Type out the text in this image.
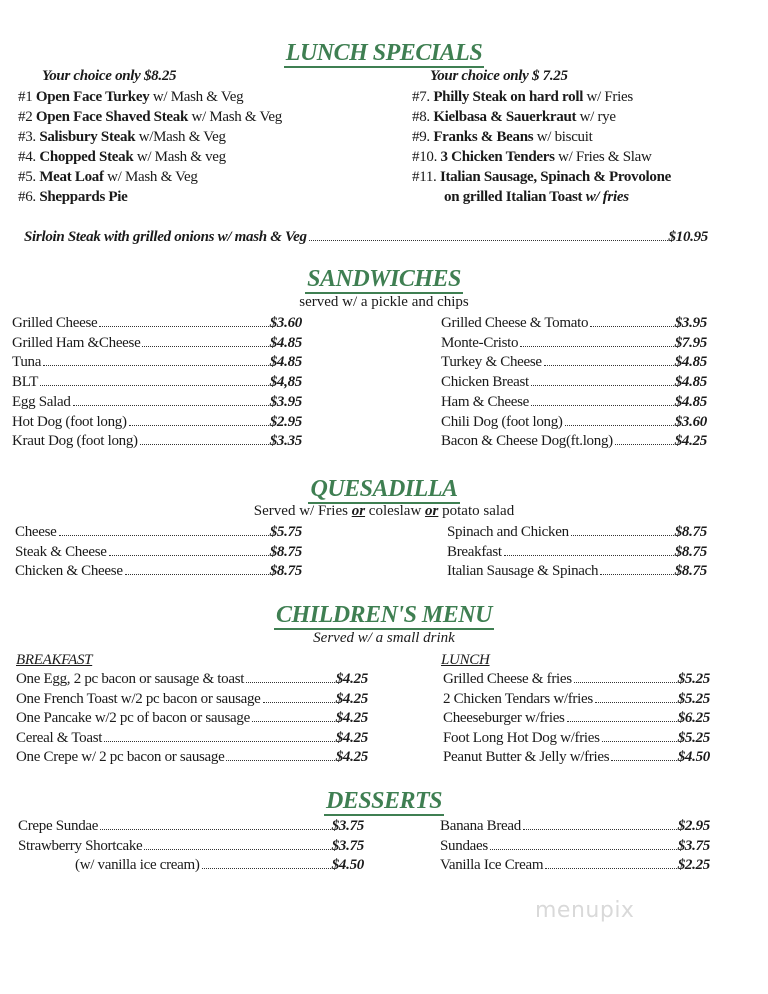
LUNCH SPECIALS
Your choice only $8.25	Your choice only $ 7.25
#1 Open Face Turkey w/ Mash & Veg
#2 Open Face Shaved Steak w/ Mash & Veg
#3. Salisbury Steak w/Mash & Veg
#4. Chopped Steak w/ Mash & veg
#5. Meat Loaf w/ Mash & Veg
#6. Sheppards Pie
#7. Philly Steak on hard roll w/ Fries
#8. Kielbasa & Sauerkraut w/ rye
#9. Franks & Beans w/ biscuit
#10. 3 Chicken Tenders w/ Fries & Slaw
#11. Italian Sausage, Spinach & Provolone
on grilled Italian Toast w/ fries
Sirloin Steak with grilled onions w/ mash & Veg	$10.95
SANDWICHES
served w/ a pickle and chips
QUESADILLA
Served w/ Fries or coleslaw or potato salad
CHILDREN'S MENU
Served w/ a small drink
BREAKFAST	LUNCH
DESSERTS
Grilled Cheese	$3.60
Grilled Ham &Cheese	$4.85
Tuna	$4.85
BLT	$4,85
Egg Salad	$3.95
Hot Dog (foot long)	$2.95
Kraut Dog (foot long)	$3.35
Grilled Cheese & Tomato	$3.95
Monte-Cristo	$7.95
Turkey & Cheese	$4.85
Chicken Breast	$4.85
Ham & Cheese	$4.85
Chili Dog (foot long)	$3.60
Bacon & Cheese Dog(ft.long)	$4.25
Cheese	$5.75
Steak & Cheese	$8.75
Chicken & Cheese	$8.75
Spinach and Chicken	$8.75
Breakfast	$8.75
Italian Sausage & Spinach	$8.75
One Egg, 2 pc bacon or sausage & toast	$4.25
One French Toast w/2 pc bacon or sausage	$4.25
One Pancake w/2 pc of bacon or sausage	$4.25
Cereal & Toast	$4.25
One Crepe w/ 2 pc bacon or sausage	$4.25
Grilled Cheese & fries	$5.25
2 Chicken Tendars w/fries	$5.25
Cheeseburger w/fries	$6.25
Foot Long Hot Dog w/fries	$5.25
Peanut Butter & Jelly w/fries	$4.50
Crepe Sundae	$3.75
Strawberry Shortcake	$3.75
(w/ vanilla ice cream)	$4.50
Banana Bread	$2.95
Sundaes	$3.75
Vanilla Ice Cream	$2.25
menupix
